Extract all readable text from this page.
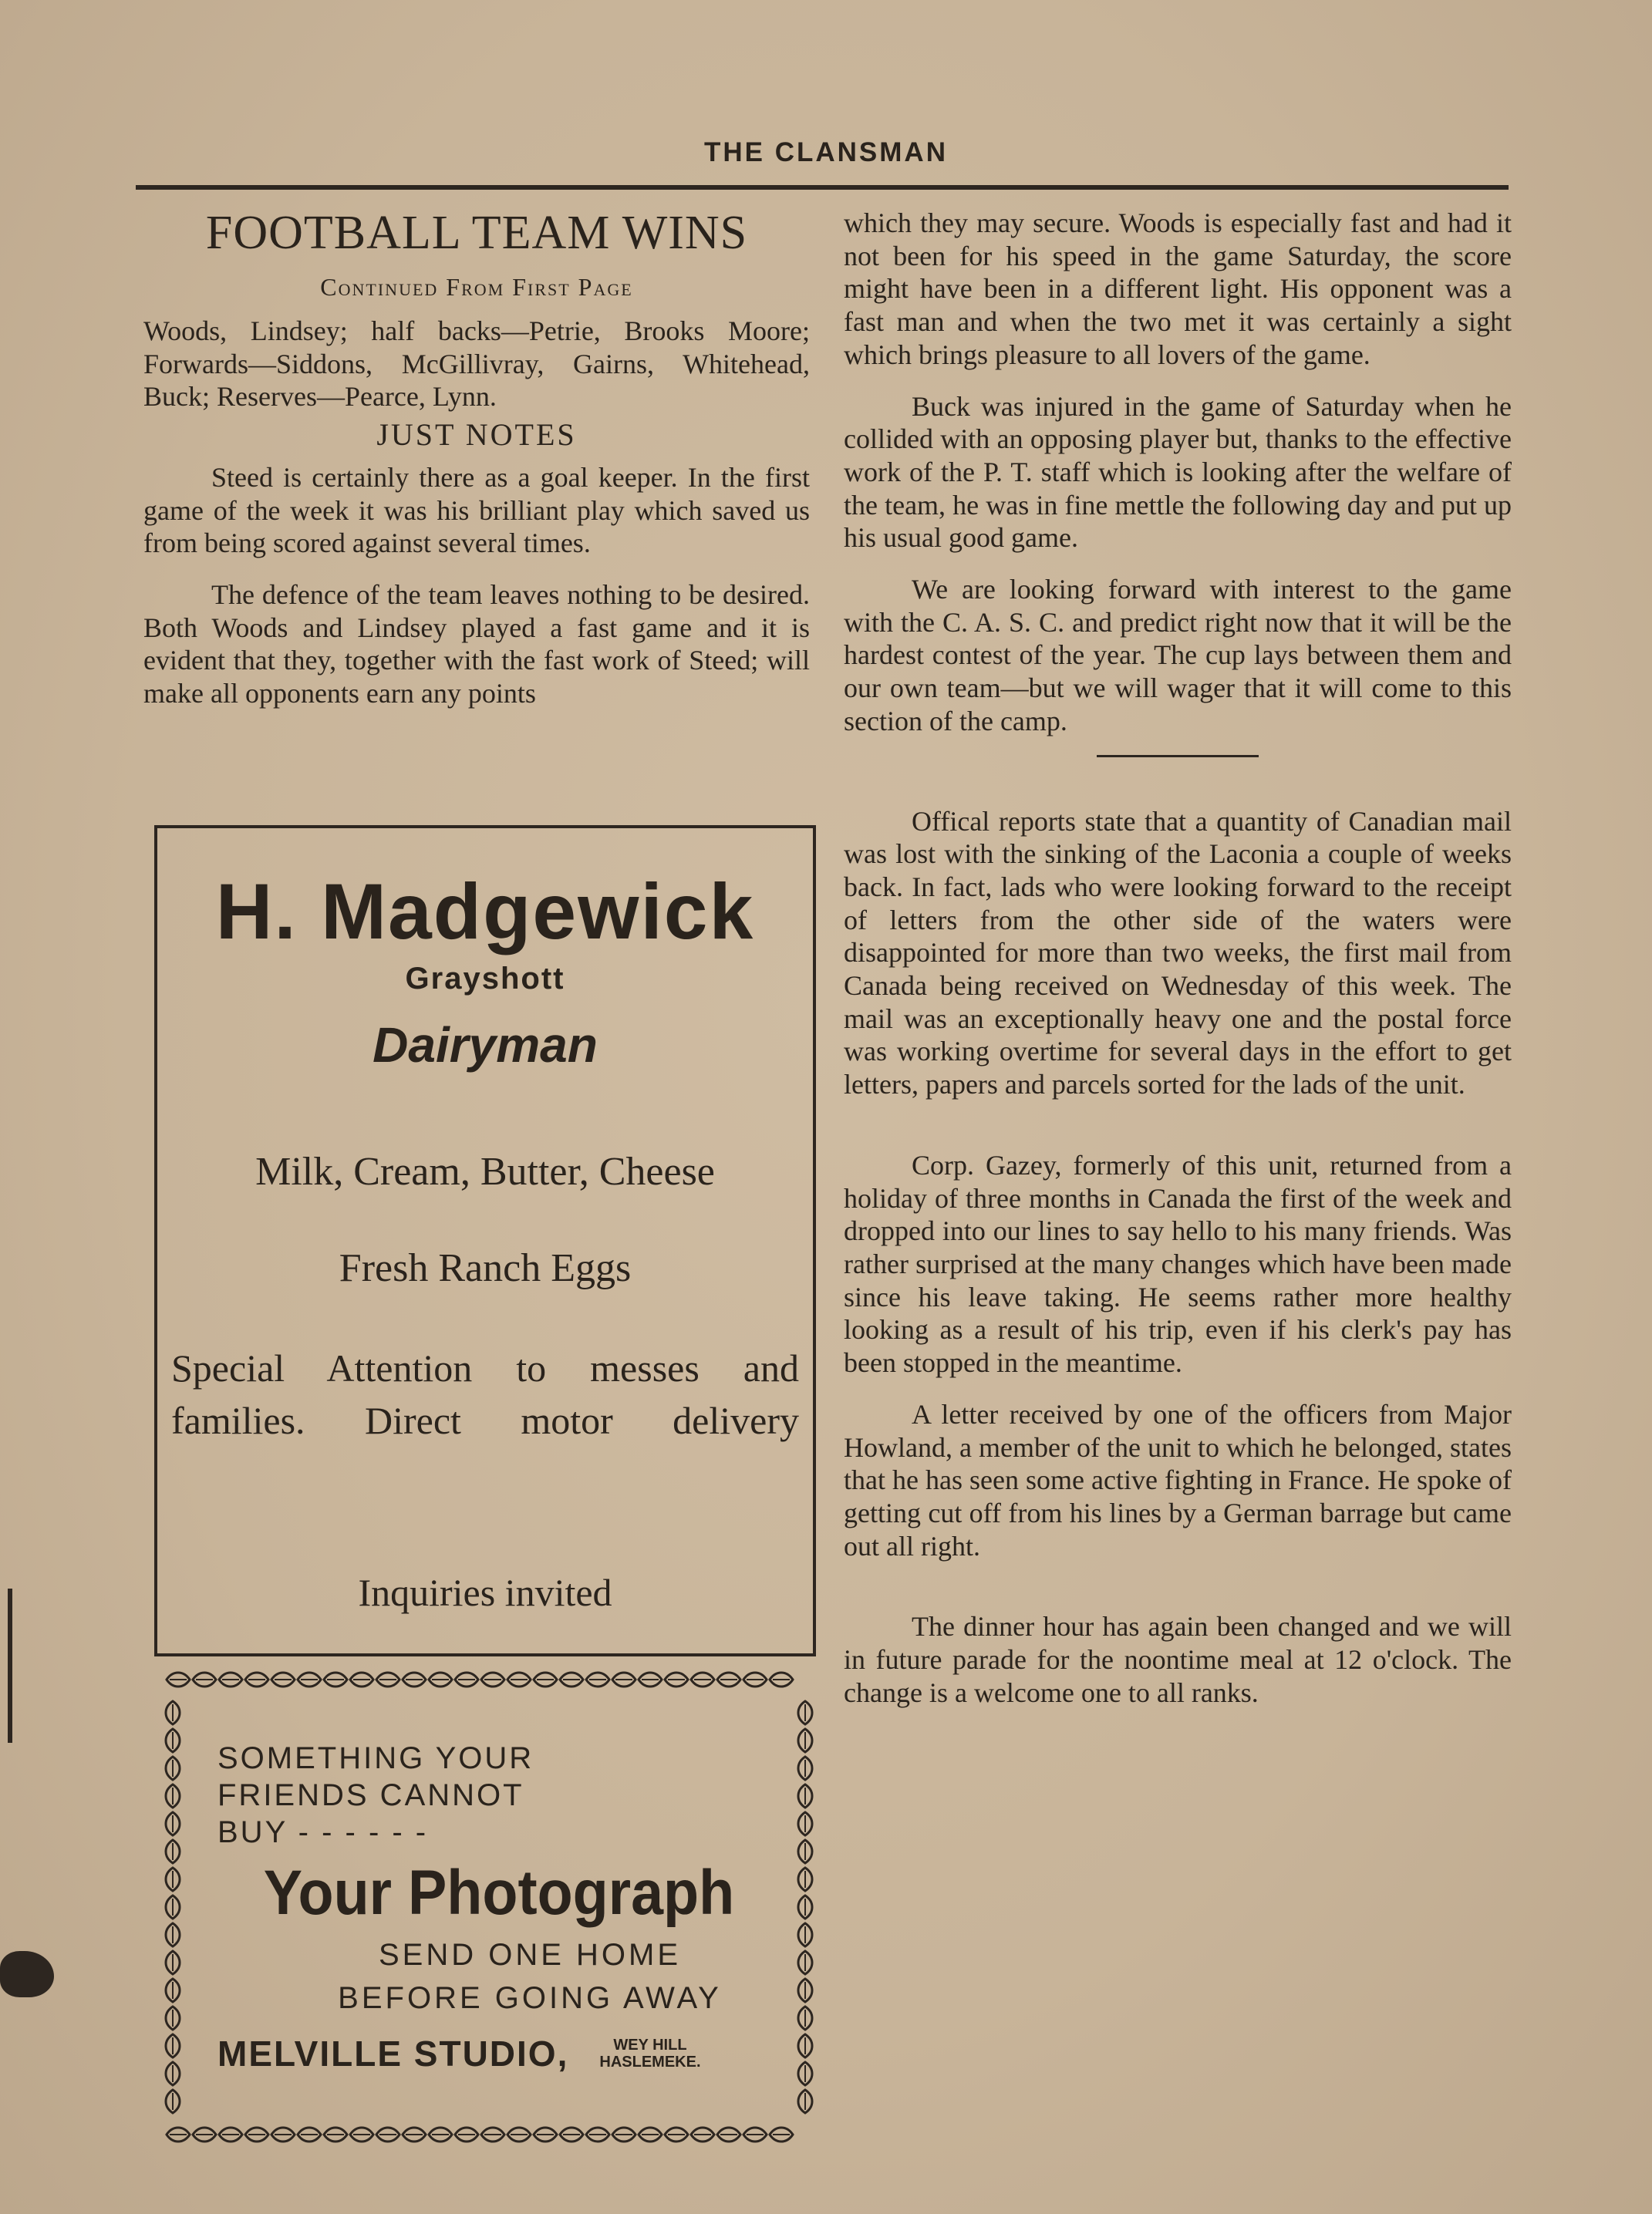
THE CLANSMAN
FOOTBALL TEAM WINS
Continued From First Page

Woods, Lindsey; half backs—Petrie, Brooks Moore; Forwards—Siddons, McGillivray, Gairns, Whitehead, Buck; Reserves—Pearce, Lynn.

JUST NOTES

Steed is certainly there as a goal keeper. In the first game of the week it was his brilliant play which saved us from being scored against several times.

The defence of the team leaves nothing to be desired. Both Woods and Lindsey played a fast game and it is evident that they, together with the fast work of Steed; will make all opponents earn any points

H. Madgewick
Grayshott
Dairyman
Milk, Cream, Butter, Cheese
Fresh Ranch Eggs
Special Attention to messes and families. Direct motor delivery
Inquiries invited
SOMETHING YOUR
FRIENDS CANNOT
BUY - - - - - -
Your Photograph
SEND ONE HOME
BEFORE GOING AWAY
MELVILLE STUDIO,	WEY HILL
HASLEMEKE.

which they may secure. Woods is especially fast and had it not been for his speed in the game Saturday, the score might have been in a different light. His opponent was a fast man and when the two met it was certainly a sight which brings pleasure to all lovers of the game.

Buck was injured in the game of Saturday when he collided with an opposing player but, thanks to the effective work of the P. T. staff which is looking after the welfare of the team, he was in fine mettle the following day and put up his usual good game.

We are looking forward with interest to the game with the C. A. S. C. and predict right now that it will be the hardest contest of the year. The cup lays between them and our own team—but we will wager that it will come to this section of the camp.

Offical reports state that a quantity of Canadian mail was lost with the sinking of the Laconia a couple of weeks back. In fact, lads who were looking forward to the receipt of letters from the other side of the waters were disappointed for more than two weeks, the first mail from Canada being received on Wednesday of this week. The mail was an exceptionally heavy one and the postal force was working overtime for several days in the effort to get letters, papers and parcels sorted for the lads of the unit.

Corp. Gazey, formerly of this unit, returned from a holiday of three months in Canada the first of the week and dropped into our lines to say hello to his many friends. Was rather surprised at the many changes which have been made since his leave taking. He seems rather more healthy looking as a result of his trip, even if his clerk's pay has been stopped in the meantime.

A letter received by one of the officers from Major Howland, a member of the unit to which he belonged, states that he has seen some active fighting in France. He spoke of getting cut off from his lines by a German barrage but came out all right.

The dinner hour has again been changed and we will in future parade for the noontime meal at 12 o'clock. The change is a welcome one to all ranks.
